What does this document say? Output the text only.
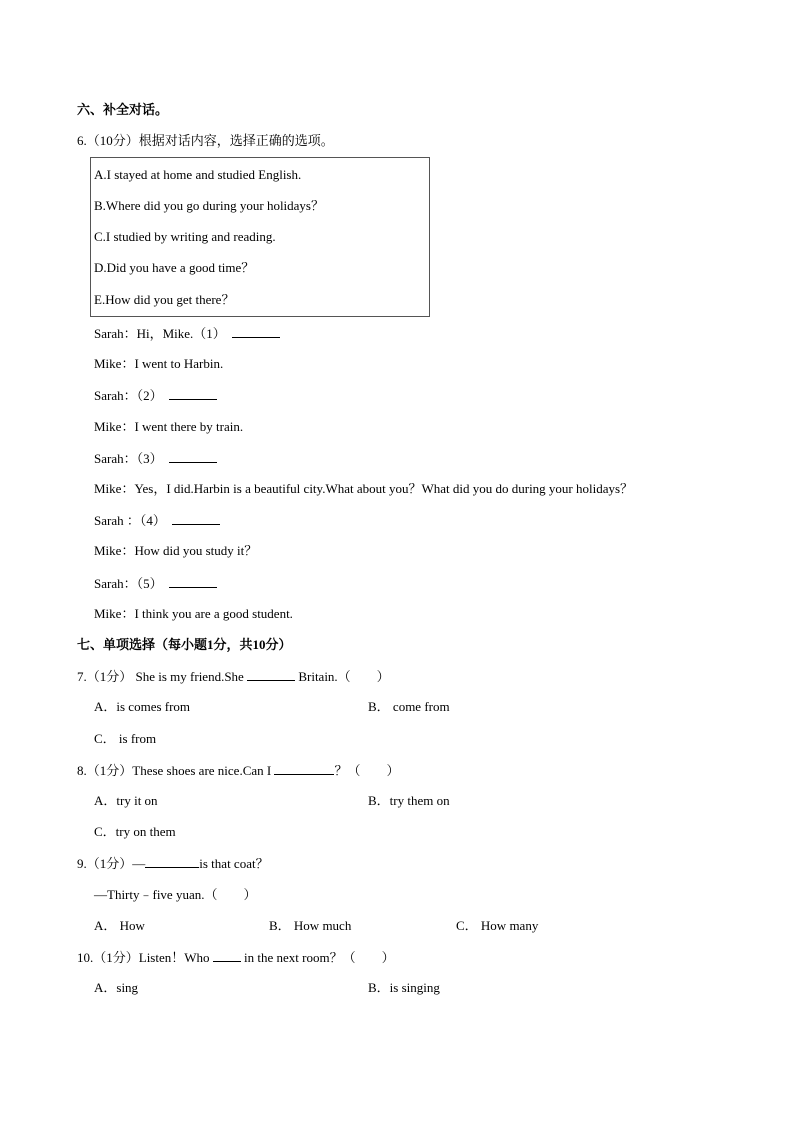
六、补全对话。
6.（10分）根据对话内容，选择正确的选项。
A.I stayed at home and studied English.
B.Where did you go during your holidays？
C.I studied by writing and reading.
D.Did you have a good time？
E.How did you get there？
Sarah：Hi，Mike.（1）
Mike：I went to Harbin.
Sarah：（2）
Mike：I went there by train.
Sarah：（3）
Mike：Yes，I did.Harbin is a beautiful city.What about you？What did you do during your holidays？
Sarah ：（4）
Mike：How did you study it？
Sarah：（5）
Mike：I think you are a good student.
七、单项选择（每小题1分，共10分）
7.（1分） She is my friend.She	Britain.（　　）
A．is comes from	B． come from
C． is from
8.（1分）These shoes are nice.Can I	？（　　）
A．try it on	B．try them on
C．try on them
9.（1分）—	is that coat？
—Thirty﹣five yuan.（　　）
A． How	B． How much	C． How many
10.（1分）Listen！Who  in the next room？（　　）
A．sing	B．is singing
